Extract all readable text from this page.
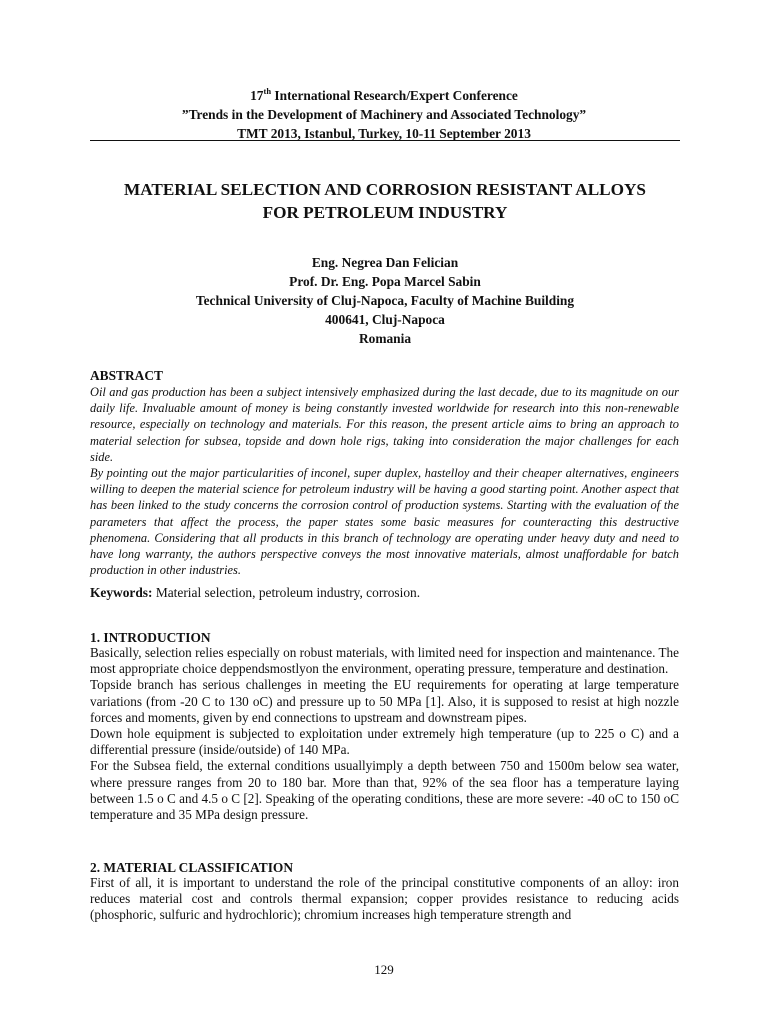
17th International Research/Expert Conference
”Trends in the Development of Machinery and Associated Technology”
TMT 2013, Istanbul, Turkey, 10-11 September 2013
MATERIAL SELECTION AND CORROSION RESISTANT ALLOYS
FOR PETROLEUM INDUSTRY
Eng. Negrea Dan Felician
Prof. Dr. Eng. Popa Marcel Sabin
Technical University of Cluj-Napoca, Faculty of Machine Building
400641, Cluj-Napoca
Romania
ABSTRACT

Oil and gas production has been a subject intensively emphasized during the last decade, due to its magnitude on our daily life. Invaluable amount of money is being constantly invested worldwide for research into this non-renewable resource, especially on technology and materials. For this reason, the present article aims to bring an approach to material selection for subsea, topside and down hole rigs, taking into consideration the major challenges for each side.

By pointing out the major particularities of inconel, super duplex, hastelloy and their cheaper alternatives, engineers willing to deepen the material science for petroleum industry will be having a good starting point. Another aspect that has been linked to the study concerns the corrosion control of production systems. Starting with the evaluation of the parameters that affect the process, the paper states some basic measures for counteracting this destructive phenomena. Considering that all products in this branch of technology are operating under heavy duty and need to have long warranty, the authors perspective conveys the most innovative materials, almost unaffordable for batch production in other industries.

Keywords: Material selection, petroleum industry, corrosion.
1. INTRODUCTION

Basically, selection relies especially on robust materials, with limited need for inspection and maintenance. The most appropriate choice deppendsmostlyon the environment, operating pressure, temperature and destination.

Topside branch has serious challenges in meeting the EU requirements for operating at large temperature variations (from -20 C to 130 oC) and pressure up to 50 MPa [1]. Also, it is supposed to resist at high nozzle forces and moments, given by end connections to upstream and downstream pipes.

Down hole equipment is subjected to exploitation under extremely high temperature (up to 225 o C) and a differential pressure (inside/outside) of 140 MPa.

For the Subsea field, the external conditions usuallyimply a depth between 750 and 1500m below sea water, where pressure ranges from 20 to 180 bar. More than that, 92% of the sea floor has a temperature laying between 1.5 o C and 4.5 o C [2]. Speaking of the operating conditions, these are more severe: -40 oC to 150 oC temperature and 35 MPa design pressure.

2. MATERIAL CLASSIFICATION

First of all, it is important to understand the role of the principal constitutive components of an alloy: iron reduces material cost and controls thermal expansion; copper provides resistance to reducing acids (phosphoric, sulfuric and hydrochloric); chromium increases high temperature strength and

129
